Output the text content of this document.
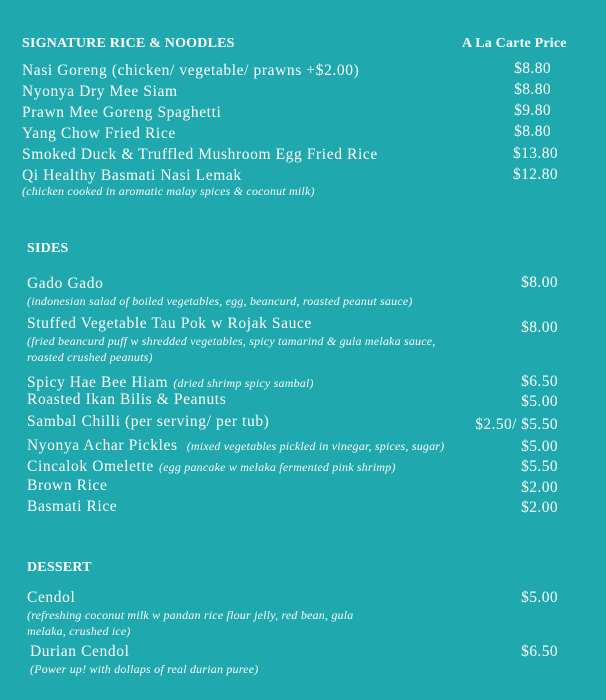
SIGNATURE RICE & NOODLES	A La Carte Price
Nasi Goreng (chicken/ vegetable/ prawns +$2.00)	$8.80
Nyonya Dry Mee Siam	$8.80
Prawn Mee Goreng Spaghetti	$9.80
Yang Chow Fried Rice	$8.80
Smoked Duck & Truffled Mushroom Egg Fried Rice	$13.80
Qi Healthy Basmati Nasi Lemak	$12.80
(chicken cooked in aromatic malay spices & coconut milk)
SIDES
Gado Gado	$8.00
(indonesian salad of boiled vegetables, egg, beancurd, roasted peanut sauce)
Stuffed Vegetable Tau Pok w Rojak Sauce	$8.00
(fried beancurd puff w shredded vegetables, spicy tamarind & gula melaka sauce,
roasted crushed peanuts)
Spicy Hae Bee Hiam (dried shrimp spicy sambal)	$6.50
Roasted Ikan Bilis & Peanuts	$5.00
Sambal Chilli (per serving/ per tub)	$2.50/ $5.50
Nyonya Achar Pickles (mixed vegetables pickled in vinegar, spices, sugar)	$5.00
Cincalok Omelette (egg pancake w melaka fermented pink shrimp)	$5.50
Brown Rice	$2.00
Basmati Rice	$2.00
DESSERT
Cendol	$5.00
(refreshing coconut milk w pandan rice flour jelly, red bean, gula
melaka, crushed ice)
Durian Cendol	$6.50
(Power up! with dollaps of real durian puree)
